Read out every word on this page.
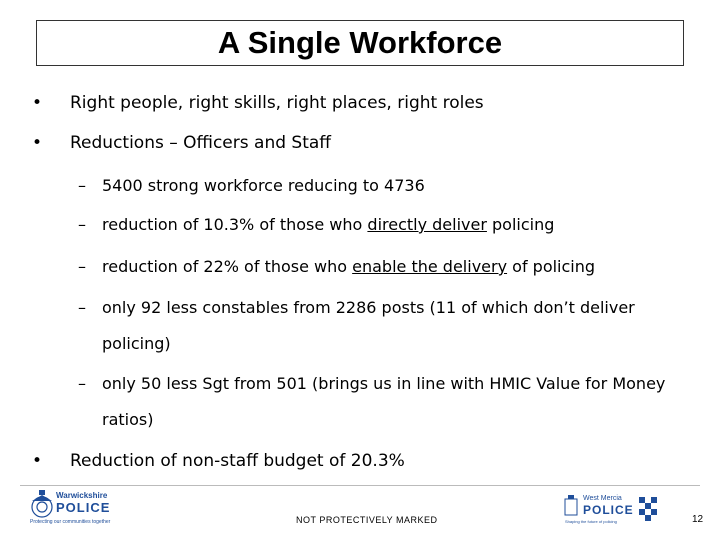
A Single Workforce
• Right people, right skills, right places, right roles
• Reductions – Officers and Staff
– 5400 strong workforce reducing to 4736
– reduction of 10.3% of those who directly deliver policing
– reduction of 22% of those who enable the delivery of policing
– only 92 less constables from 2286 posts (11 of which don’t deliver
policing)
– only 50 less Sgt from 501 (brings us in line with HMIC Value for Money
ratios)
• Reduction of non-staff budget of 20.3%
Warwickshire
POLICE
Protecting our communities together	NOT PROTECTIVELY MARKED
West Mercia
POLICE
Shaping the future of policing	12
